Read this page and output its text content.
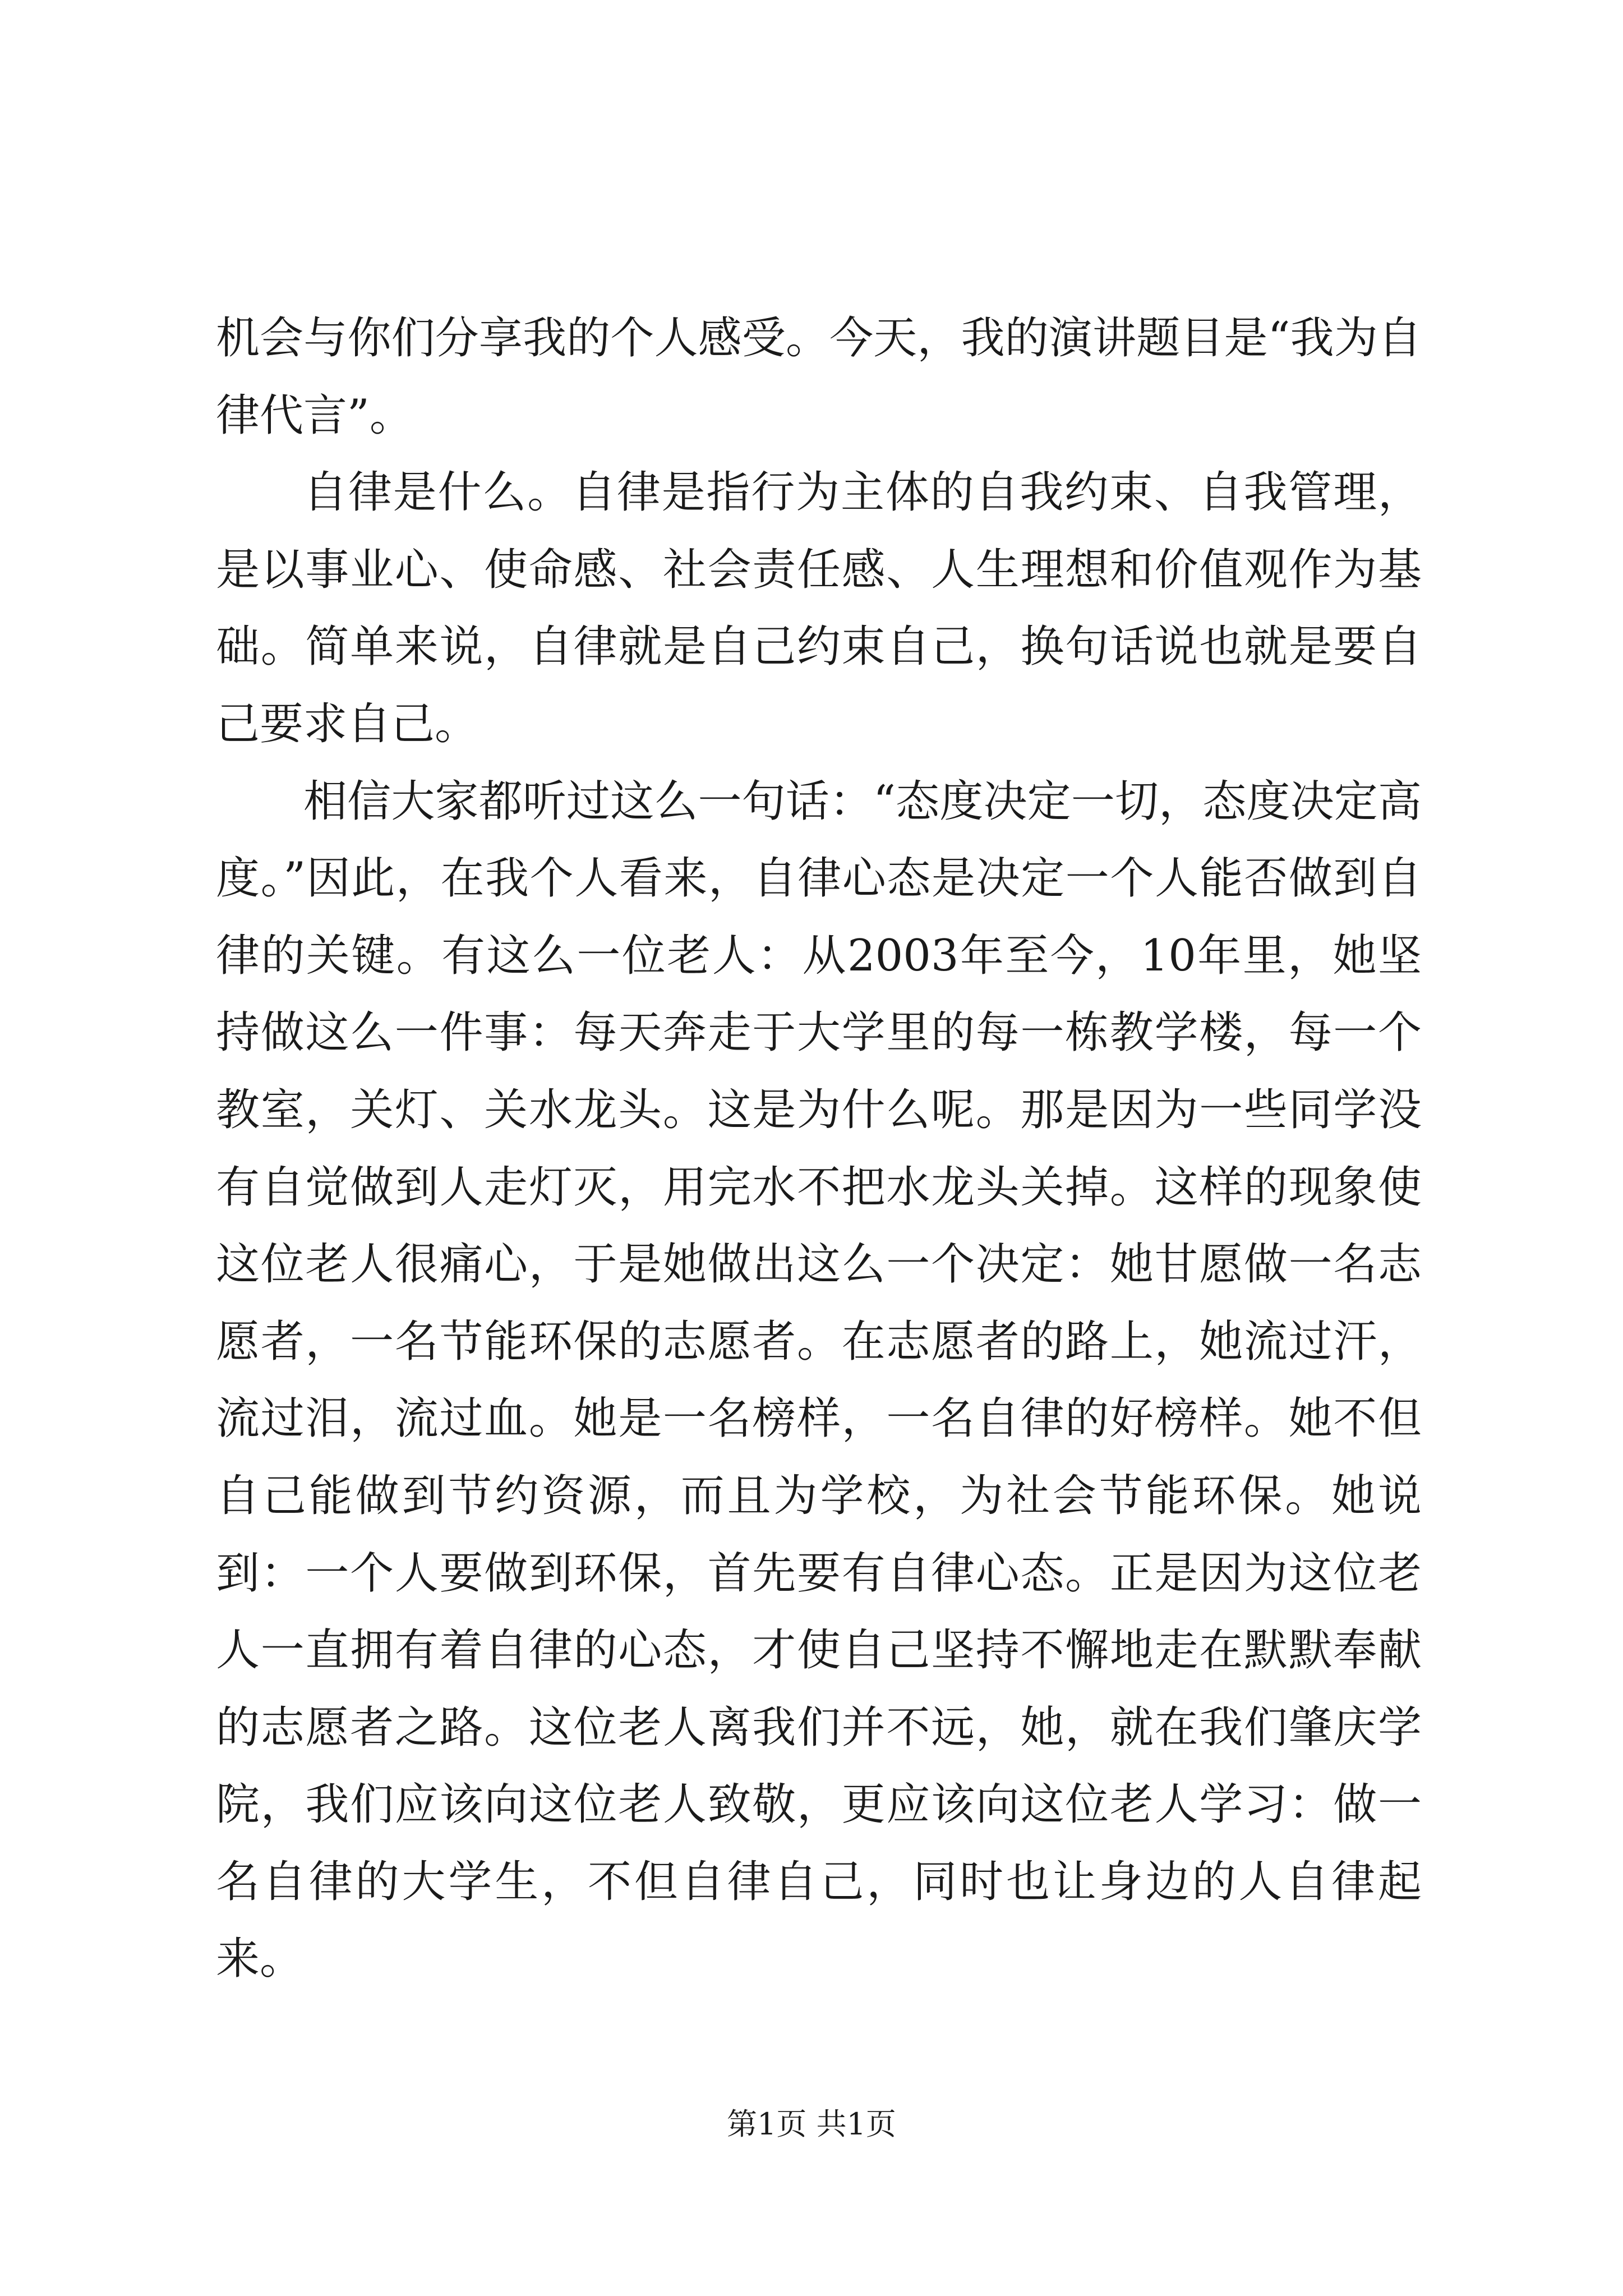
机会与你们分享我的个人感受。今天，我的演讲题目是“我为自律代言”。

自律是什么。自律是指行为主体的自我约束、自我管理，是以事业心、使命感、社会责任感、人生理想和价值观作为基础。简单来说，自律就是自己约束自己，换句话说也就是要自己要求自己。

相信大家都听过这么一句话：“态度决定一切，态度决定高度。”因此，在我个人看来，自律心态是决定一个人能否做到自律的关键。有这么一位老人：从2003年至今，10年里，她坚持做这么一件事：每天奔走于大学里的每一栋教学楼，每一个教室，关灯、关水龙头。这是为什么呢。那是因为一些同学没有自觉做到人走灯灭，用完水不把水龙头关掉。这样的现象使这位老人很痛心，于是她做出这么一个决定：她甘愿做一名志愿者，一名节能环保的志愿者。在志愿者的路上，她流过汗，流过泪，流过血。她是一名榜样，一名自律的好榜样。她不但自己能做到节约资源，而且为学校，为社会节能环保。她说到：一个人要做到环保，首先要有自律心态。正是因为这位老人一直拥有着自律的心态，才使自己坚持不懈地走在默默奉献的志愿者之路。这位老人离我们并不远，她，就在我们肇庆学院，我们应该向这位老人致敬，更应该向这位老人学习：做一名自律的大学生，不但自律自己，同时也让身边的人自律起来。

第1页 共1页
